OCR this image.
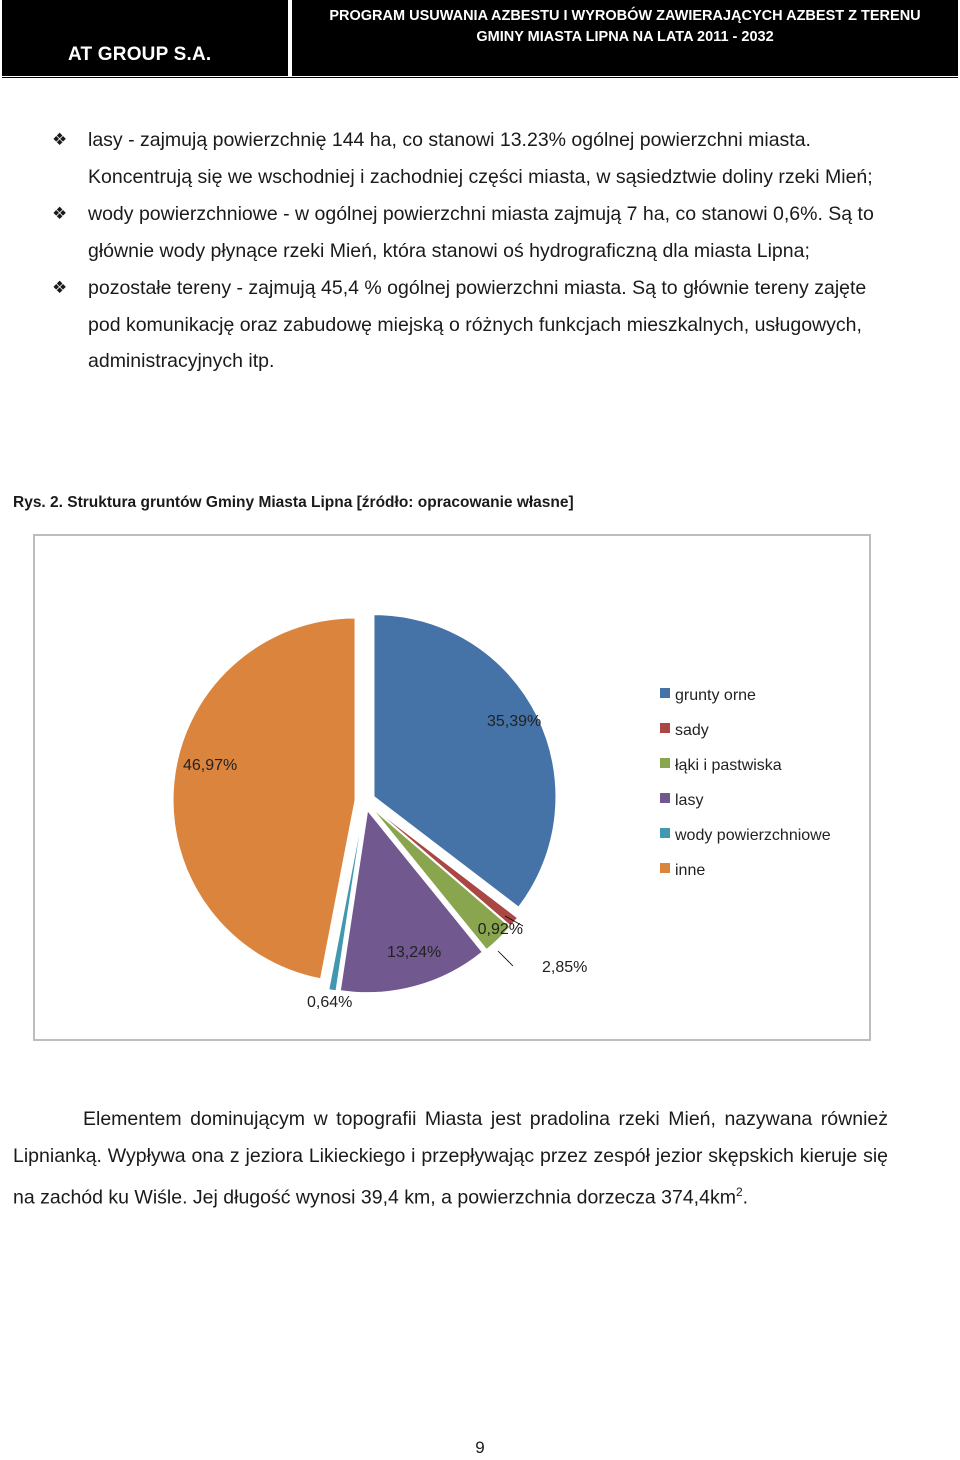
AT GROUP S.A.
PROGRAM USUWANIA AZBESTU I WYROBÓW ZAWIERAJĄCYCH AZBEST Z TERENU
GMINY MIASTA LIPNA NA LATA 2011 - 2032
❖	lasy - zajmują powierzchnię 144 ha, co stanowi 13.23% ogólnej powierzchni miasta. Koncentrują się we wschodniej i zachodniej części miasta, w sąsiedztwie doliny rzeki Mień;
❖	wody powierzchniowe - w ogólnej powierzchni miasta zajmują 7 ha, co stanowi 0,6%. Są to głównie wody płynące rzeki Mień, która stanowi oś hydrograficzną dla miasta Lipna;
❖	pozostałe tereny - zajmują 45,4 % ogólnej powierzchni miasta. Są to głównie tereny zajęte pod komunikację oraz zabudowę miejską o różnych funkcjach mieszkalnych, usługowych, administracyjnych itp.
Rys. 2. Struktura gruntów Gminy Miasta Lipna [źródło: opracowanie własne]
35,39%
0,92%
2,85%
13,24%
0,64%
46,97%
grunty orne
sady
łąki i pastwiska
lasy
wody powierzchniowe
inne
Elementem dominującym w topografii Miasta jest pradolina rzeki Mień, nazywana również Lipnianką. Wypływa ona z jeziora Likieckiego i przepływając przez zespół jezior skępskich kieruje się na zachód ku Wiśle. Jej długość wynosi 39,4 km, a powierzchnia dorzecza $374,4km^2$.
9
